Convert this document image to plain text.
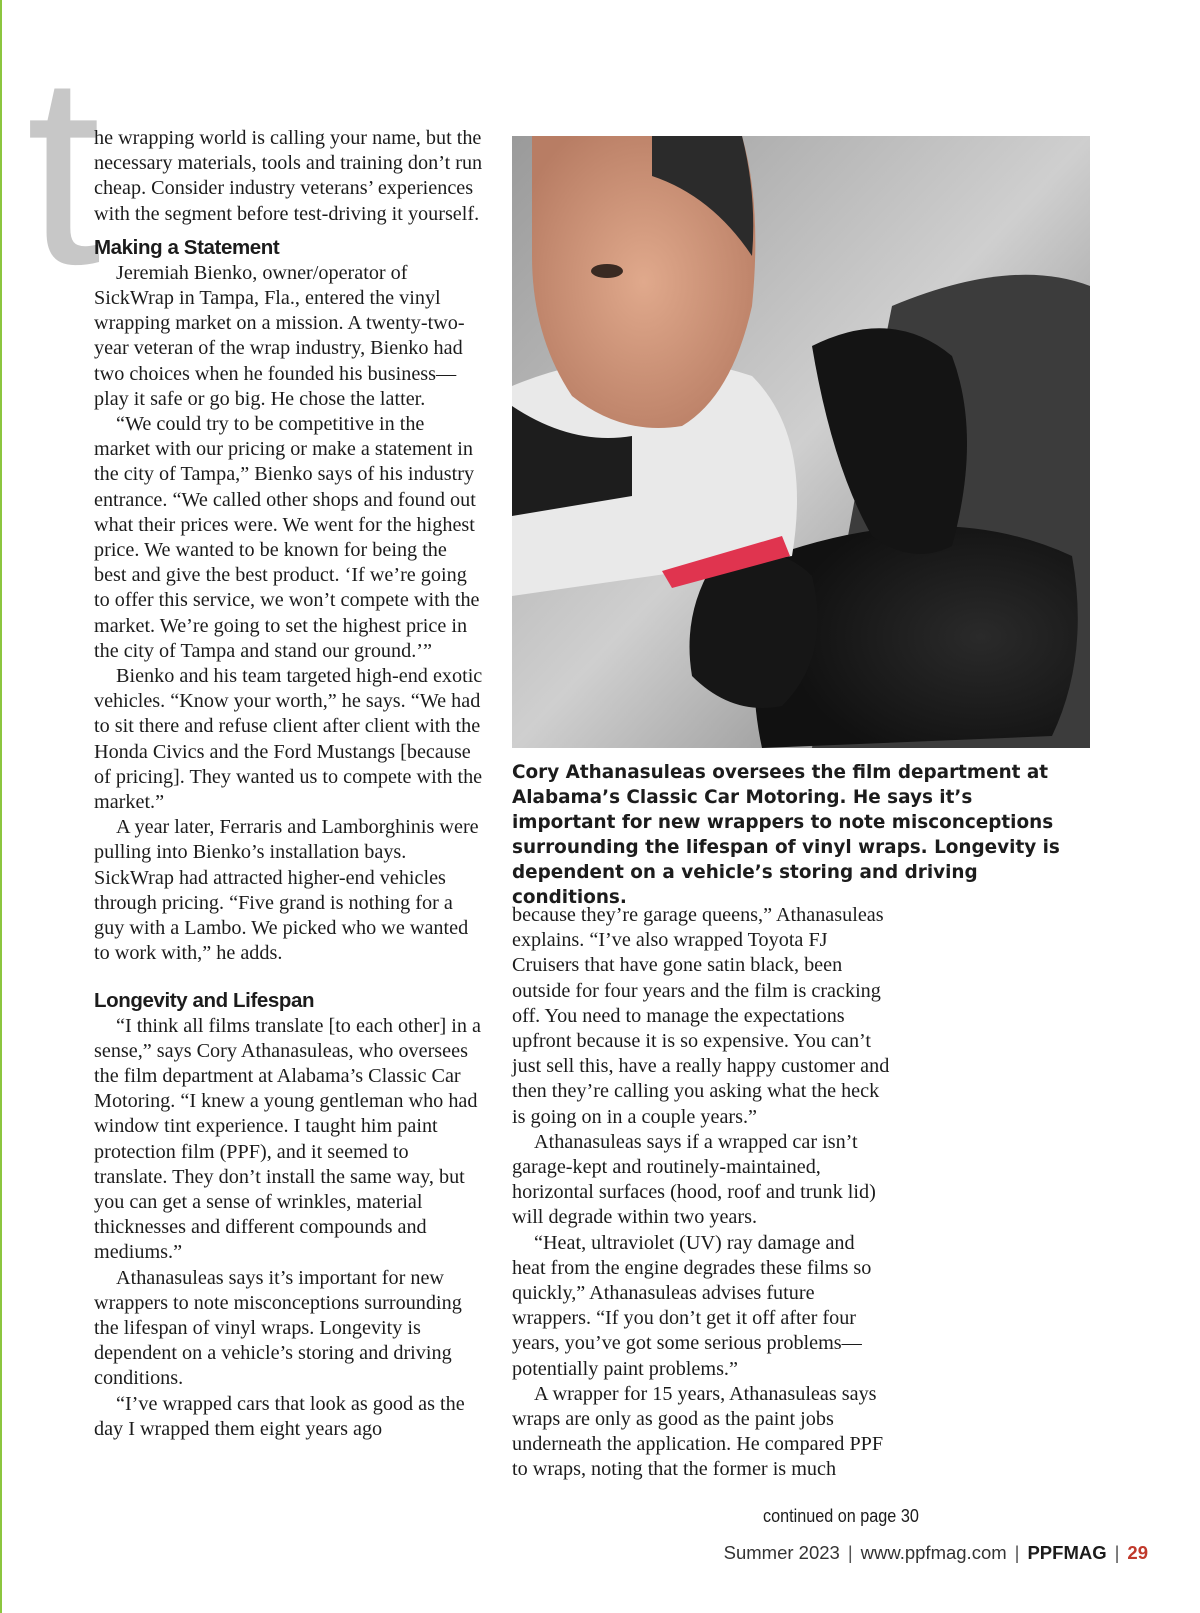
t

he wrapping world is calling your name, but the necessary materials, tools and training don’t run cheap. Consider industry veterans’ experiences with the segment before test-driving it yourself.

Making a Statement

Jeremiah Bienko, owner/operator of SickWrap in Tampa, Fla., entered the vinyl wrapping market on a mission. A twenty-two-year veteran of the wrap industry, Bienko had two choices when he founded his business—play it safe or go big. He chose the latter.

“We could try to be competitive in the market with our pricing or make a statement in the city of Tampa,” Bienko says of his industry entrance. “We called other shops and found out what their prices were. We went for the highest price. We wanted to be known for being the best and give the best product. ‘If we’re going to offer this service, we won’t compete with the market. We’re going to set the highest price in the city of Tampa and stand our ground.’”

Bienko and his team targeted high-end exotic vehicles. “Know your worth,” he says. “We had to sit there and refuse client after client with the Honda Civics and the Ford Mustangs [because of pricing]. They wanted us to compete with the market.”

A year later, Ferraris and Lamborghinis were pulling into Bienko’s installation bays. SickWrap had attracted higher-end vehicles through pricing. “Five grand is nothing for a guy with a Lambo. We picked who we wanted to work with,” he adds.

Longevity and Lifespan

“I think all films translate [to each other] in a sense,” says Cory Athanasuleas, who oversees the film department at Alabama’s Classic Car Motoring. “I knew a young gentleman who had window tint experience. I taught him paint protection film (PPF), and it seemed to translate. They don’t install the same way, but you can get a sense of wrinkles, material thicknesses and different compounds and mediums.”

Athanasuleas says it’s important for new wrappers to note misconceptions surrounding the lifespan of vinyl wraps. Longevity is dependent on a vehicle’s storing and driving conditions.

“I’ve wrapped cars that look as good as the day I wrapped them eight years ago

Cory Athanasuleas oversees the film department at Alabama’s Classic Car Motoring. He says it’s important for new wrappers to note misconceptions surrounding the lifespan of vinyl wraps. Longevity is dependent on a vehicle’s storing and driving conditions.

because they’re garage queens,” Athanasuleas explains. “I’ve also wrapped Toyota FJ Cruisers that have gone satin black, been outside for four years and the film is cracking off. You need to manage the expectations upfront because it is so expensive. You can’t just sell this, have a really happy customer and then they’re calling you asking what the heck is going on in a couple years.”

Athanasuleas says if a wrapped car isn’t garage-kept and routinely-maintained, horizontal surfaces (hood, roof and trunk lid) will degrade within two years.

“Heat, ultraviolet (UV) ray damage and heat from the engine degrades these films so quickly,” Athanasuleas advises future wrappers. “If you don’t get it off after four years, you’ve got some serious problems—potentially paint problems.”

A wrapper for 15 years, Athanasuleas says wraps are only as good as the paint jobs underneath the application. He compared PPF to wraps, noting that the former is much

continued on page 30
Summer 2023 | www.ppfmag.com | PPFMAG | 29
